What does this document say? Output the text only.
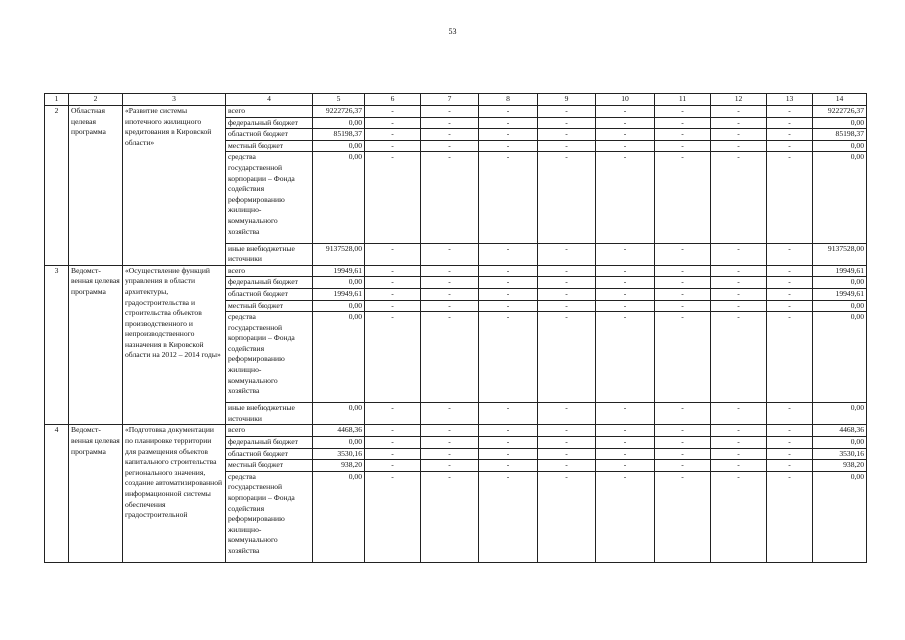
53
1	2	3	4	5	6	7	8	9	10	11	12	13	14
2	Областная целевая программа	«Развитие системы ипотечного жилищного кредитования в Кировской области»	всего	9222726,37	-	-	-	-	-	-	-	-	9222726,37
			федеральный бюджет	0,00	-	-	-	-	-	-	-	-	0,00
			областной бюджет	85198,37	-	-	-	-	-	-	-	-	85198,37
			местный бюджет	0,00	-	-	-	-	-	-	-	-	0,00
			средства государственной корпорации – Фонда содействия реформированию жилищно-коммунального хозяйства	0,00	-	-	-	-	-	-	-	-	0,00
			иные внебюджетные источники	9137528,00	-	-	-	-	-	-	-	-	9137528,00
3	Ведомст-венная целевая программа	«Осуществление функций управления в области архитектуры, градостроительства и строительства объектов производственного и непроизводственного назначения в Кировской области на 2012 – 2014 годы»	всего	19949,61	-	-	-	-	-	-	-	-	19949,61
			федеральный бюджет	0,00	-	-	-	-	-	-	-	-	0,00
			областной бюджет	19949,61	-	-	-	-	-	-	-	-	19949,61
			местный бюджет	0,00	-	-	-	-	-	-	-	-	0,00
			средства государственной корпорации – Фонда содействия реформированию жилищно-коммунального хозяйства	0,00	-	-	-	-	-	-	-	-	0,00
			иные внебюджетные источники	0,00	-	-	-	-	-	-	-	-	0,00
4	Ведомст-венная целевая программа	«Подготовка документации по планировке территории для размещения объектов капитального строительства регионального значения, создание автоматизированной информационной системы обеспечения градостроительной	всего	4468,36	-	-	-	-	-	-	-	-	4468,36
			федеральный бюджет	0,00	-	-	-	-	-	-	-	-	0,00
			областной бюджет	3530,16	-	-	-	-	-	-	-	-	3530,16
			местный бюджет	938,20	-	-	-	-	-	-	-	-	938,20
			средства государственной корпорации – Фонда содействия реформированию жилищно-коммунального хозяйства	0,00	-	-	-	-	-	-	-	-	0,00
